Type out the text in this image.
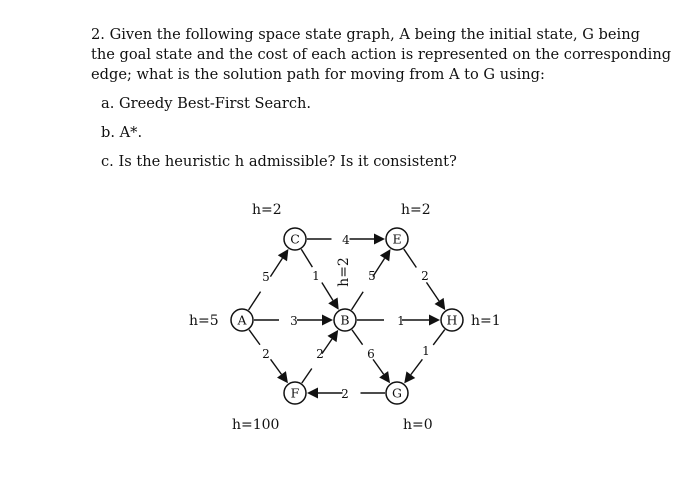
2. Given the following space state graph, A being the initial state, G being

the goal state and the cost of each action is represented on the corresponding

edge; what is the solution path for moving from A to G using:

a. Greedy Best-First Search.

b. A*.

c. Is the heuristic h admissible? Is it consistent?

5
3
2
4
1	5
1
6
2
2
2
1
A
h=5	B
h=2
C
h=2
E
h=2
F
h=100
G
h=0
H h=1
